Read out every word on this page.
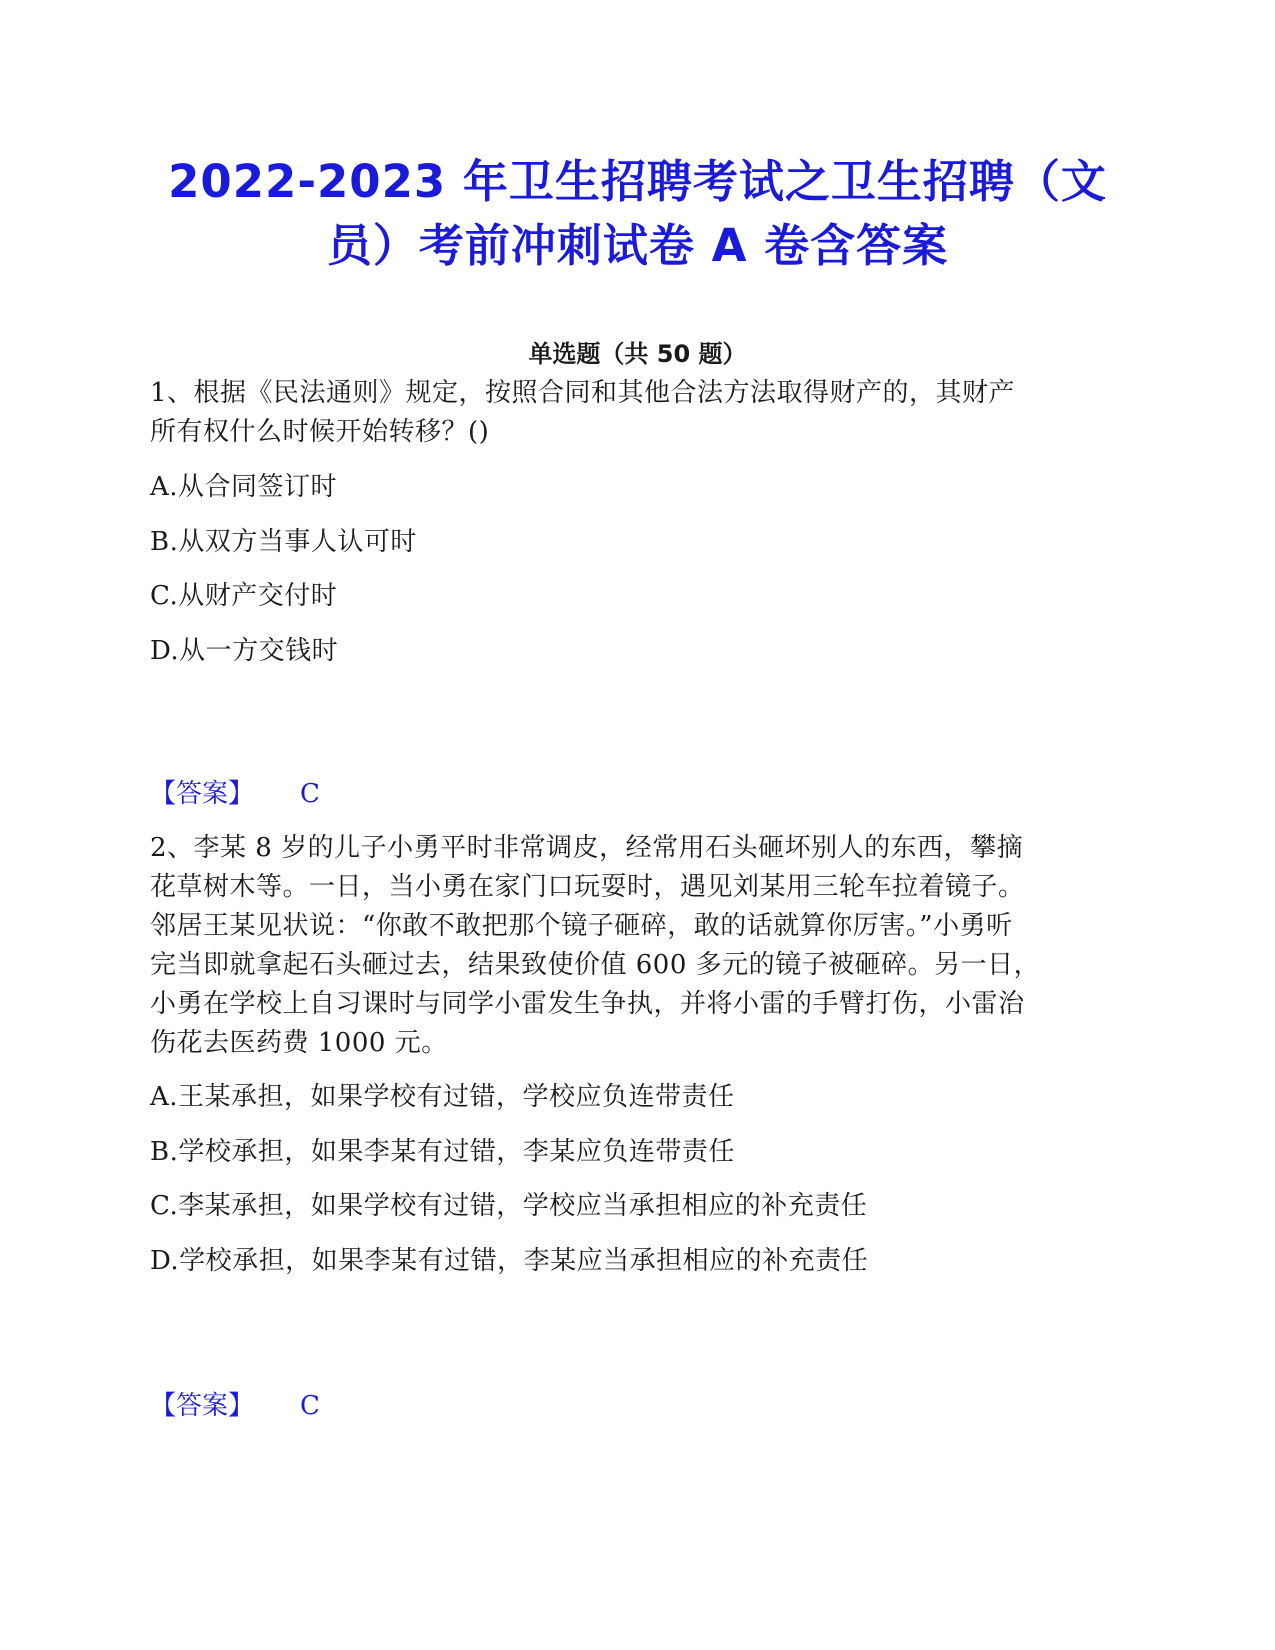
2022-2023 年卫生招聘考试之卫生招聘（文
员）考前冲刺试卷 A 卷含答案
单选题（共 50 题）

1、根据《民法通则》规定，按照合同和其他合法方法取得财产的，其财产

所有权什么时候开始转移？()

A.从合同签订时

B.从双方当事人认可时

C.从财产交付时

D.从一方交钱时

【答案】 C

2、李某 8 岁的儿子小勇平时非常调皮，经常用石头砸坏别人的东西，攀摘

花草树木等。一日，当小勇在家门口玩耍时，遇见刘某用三轮车拉着镜子。

邻居王某见状说：“你敢不敢把那个镜子砸碎，敢的话就算你厉害。”小勇听

完当即就拿起石头砸过去，结果致使价值 600 多元的镜子被砸碎。另一日，

小勇在学校上自习课时与同学小雷发生争执，并将小雷的手臂打伤，小雷治

伤花去医药费 1000 元。

A.王某承担，如果学校有过错，学校应负连带责任

B.学校承担，如果李某有过错，李某应负连带责任

C.李某承担，如果学校有过错，学校应当承担相应的补充责任

D.学校承担，如果李某有过错，李某应当承担相应的补充责任

【答案】 C
